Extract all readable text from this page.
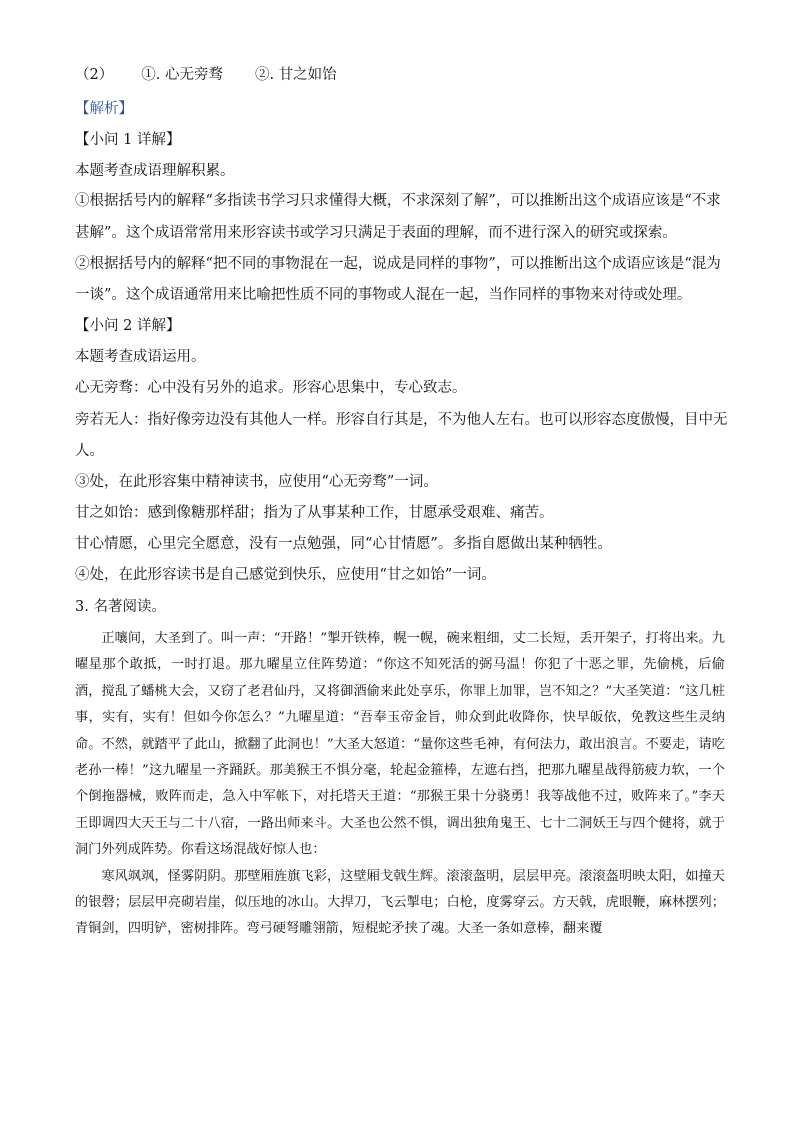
（2） ①. 心无旁骛 ②. 甘之如饴
【解析】
【小问 1 详解】
本题考查成语理解积累。
①根据括号内的解释“多指读书学习只求懂得大概，不求深刻了解”，可以推断出这个成语应该是“不求
甚解”。这个成语常常用来形容读书或学习只满足于表面的理解，而不进行深入的研究或探索。
②根据括号内的解释“把不同的事物混在一起，说成是同样的事物”，可以推断出这个成语应该是“混为
一谈”。这个成语通常用来比喻把性质不同的事物或人混在一起，当作同样的事物来对待或处理。
【小问 2 详解】
本题考查成语运用。
心无旁骛：心中没有另外的追求。形容心思集中，专心致志。
旁若无人：指好像旁边没有其他人一样。形容自行其是，不为他人左右。也可以形容态度傲慢，目中无
人。
③处，在此形容集中精神读书，应使用“心无旁骛”一词。
甘之如饴：感到像糖那样甜；指为了从事某种工作，甘愿承受艰难、痛苦。
甘心情愿，心里完全愿意，没有一点勉强，同“心甘情愿”。多指自愿做出某种牺牲。
④处，在此形容读书是自己感觉到快乐，应使用“甘之如饴”一词。
3. 名著阅读。

正嚷间，大圣到了。叫一声：“开路！”掣开铁棒，幌一幌，碗来粗细，丈二长短，丢开架子，打将出来。九曜星那个敢抵，一时打退。那九曜星立住阵势道：“你这不知死活的弼马温！你犯了十恶之罪，先偷桃，后偷酒，搅乱了蟠桃大会，又窃了老君仙丹，又将御酒偷来此处享乐，你罪上加罪，岂不知之？”大圣笑道：“这几桩事，实有，实有！但如今你怎么？”九曜星道：“吾奉玉帝金旨，帅众到此收降你，快早皈依，免教这些生灵纳命。不然，就踏平了此山，掀翻了此洞也！”大圣大怒道：“量你这些毛神，有何法力，敢出浪言。不要走，请吃老孙一棒！”这九曜星一齐踊跃。那美猴王不惧分毫，轮起金箍棒，左遮右挡，把那九曜星战得筋疲力软，一个个倒拖器械，败阵而走，急入中军帐下，对托塔天王道：“那猴王果十分骁勇！我等战他不过，败阵来了。”李天王即调四大天王与二十八宿，一路出师来斗。大圣也公然不惧，调出独角鬼王、七十二洞妖王与四个健将，就于洞门外列成阵势。你看这场混战好惊人也：

寒风飒飒，怪雾阴阴。那壁厢旌旗飞彩，这壁厢戈戟生辉。滚滚盔明，层层甲亮。滚滚盔明映太阳，如撞天的银磬；层层甲亮砌岩崖，似压地的冰山。大捍刀，飞云掣电；白枪，度雾穿云。方天戟，虎眼鞭，麻林摆列；青铜剑，四明铲，密树排阵。弯弓硬弩雕翎箭，短棍蛇矛挟了魂。大圣一条如意棒，翻来覆
